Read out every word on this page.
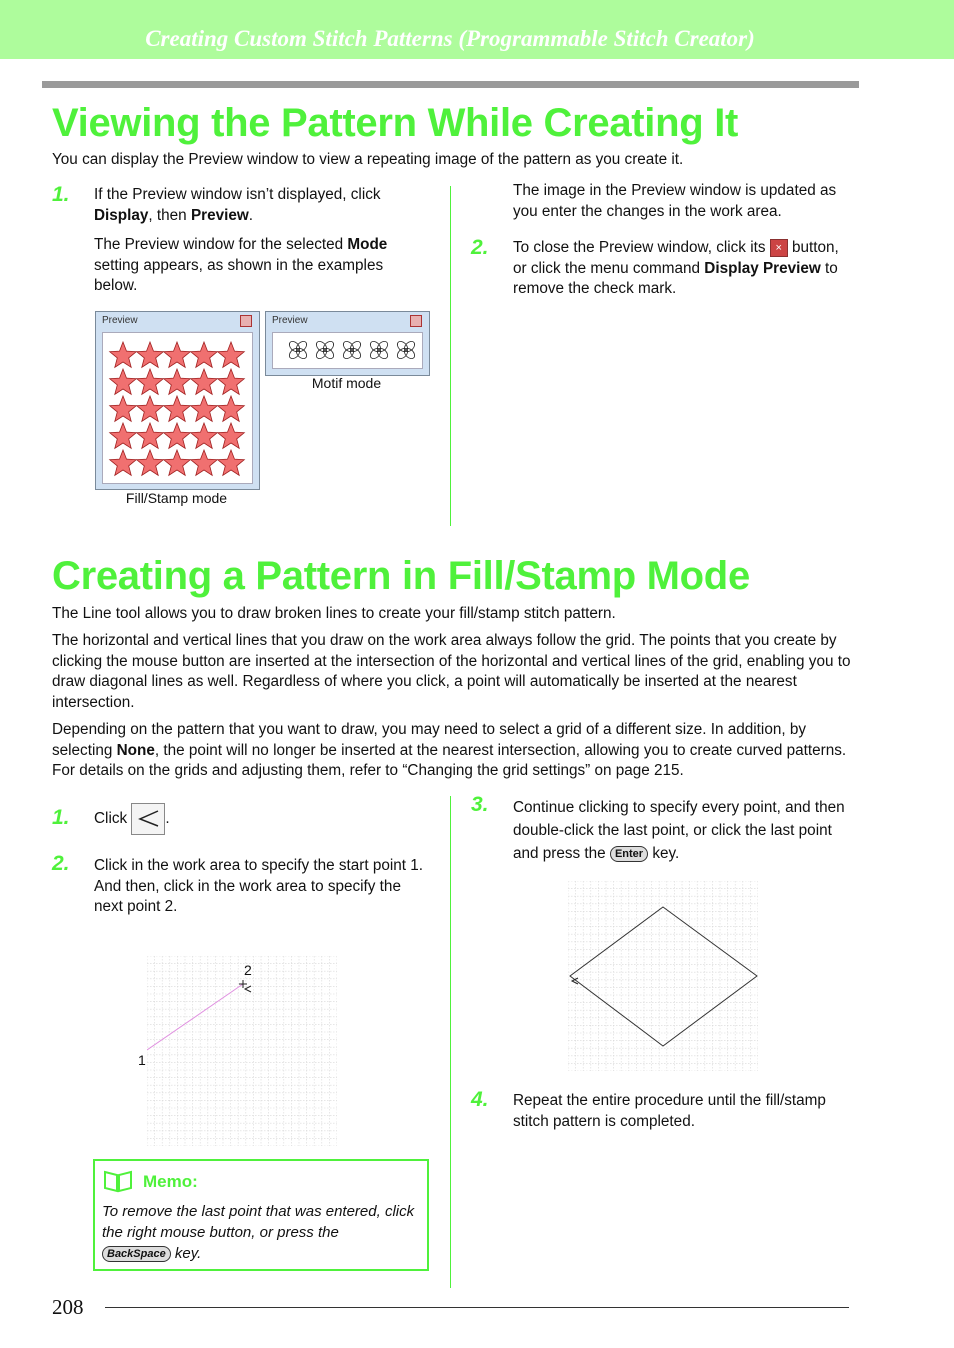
Creating Custom Stitch Patterns (Programmable Stitch Creator)
Viewing the Pattern While Creating It

You can display the Preview window to view a repeating image of the pattern as you create it.

1. If the Preview window isn’t displayed, click Display, then Preview.

The Preview window for the selected Mode setting appears, as shown in the examples below.

Preview
Fill/Stamp mode
Preview
Motif mode

The image in the Preview window is updated as you enter the changes in the work area.

2. To close the Preview window, click its × button, or click the menu command Display Preview to remove the check mark.

Creating a Pattern in Fill/Stamp Mode

The Line tool allows you to draw broken lines to create your fill/stamp stitch pattern.

The horizontal and vertical lines that you draw on the work area always follow the grid. The points that you create by clicking the mouse button are inserted at the intersection of the horizontal and vertical lines of the grid, enabling you to draw diagonal lines as well. Regardless of where you click, a point will automatically be inserted at the nearest intersection.

Depending on the pattern that you want to draw, you may need to select a grid of a different size. In addition, by selecting None, the point will no longer be inserted at the nearest intersection, allowing you to create curved patterns. For details on the grids and adjusting them, refer to “Changing the grid settings” on page 215.

1. Click .

2. Click in the work area to specify the start point 1.
And then, click in the work area to specify the next point 2.

1
2
Memo:

To remove the last point that was entered, click the right mouse button, or press the
BackSpace key.

3. Continue clicking to specify every point, and then double-click the last point, or click the last point and press the Enter key.

4. Repeat the entire procedure until the fill/stamp stitch pattern is completed.

208
